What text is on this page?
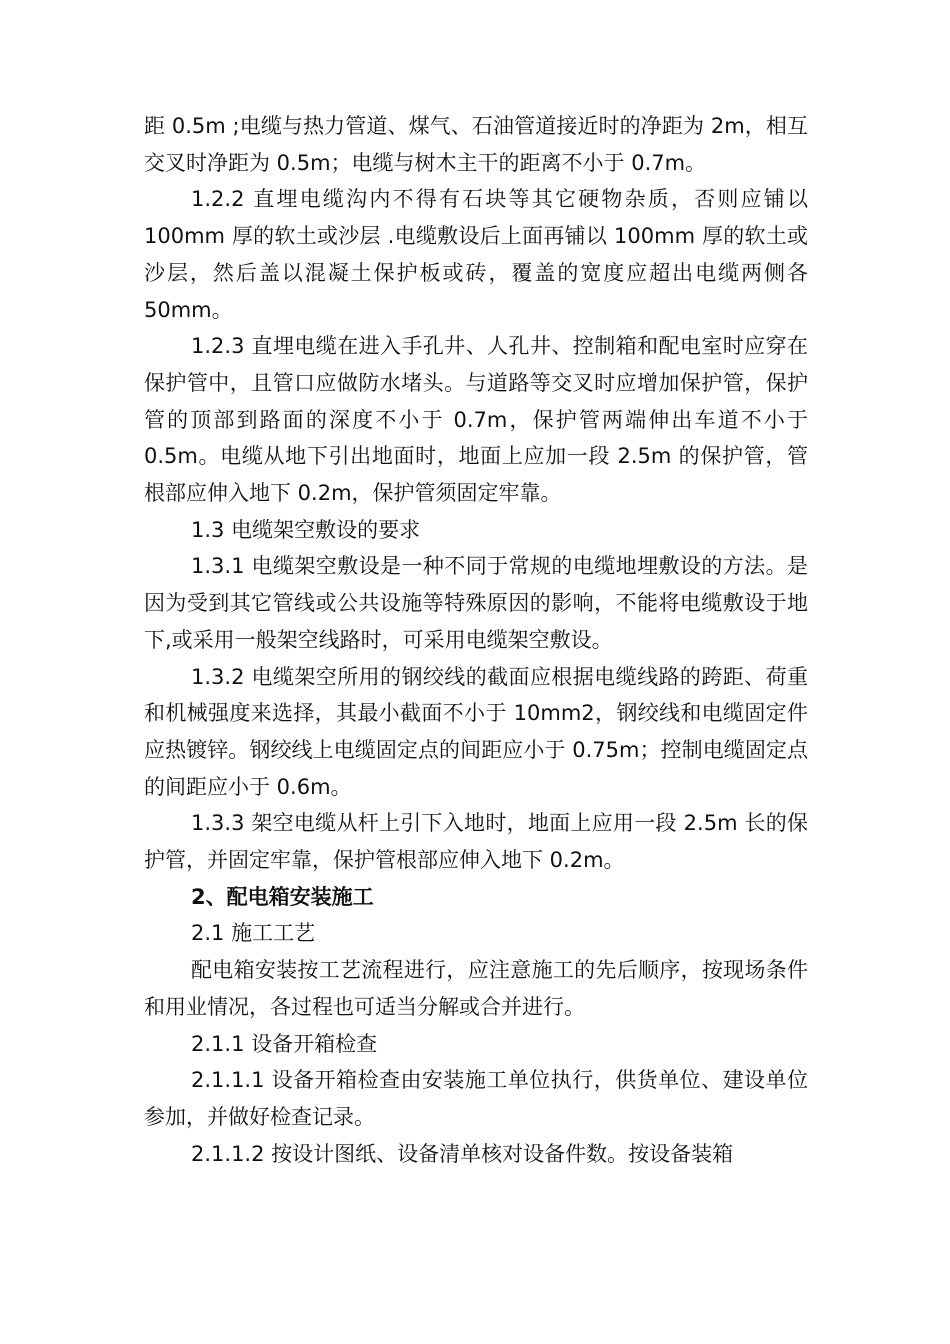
距 0.5m ;电缆与热力管道、煤气、石油管道接近时的净距为 2m，相互交叉时净距为 0.5m；电缆与树木主干的距离不小于 0.7m。

1.2.2 直埋电缆沟内不得有石块等其它硬物杂质，否则应铺以 100mm 厚的软土或沙层 .电缆敷设后上面再铺以 100mm 厚的软土或沙层，然后盖以混凝土保护板或砖，覆盖的宽度应超出电缆两侧各 50mm。

1.2.3 直埋电缆在进入手孔井、人孔井、控制箱和配电室时应穿在保护管中，且管口应做防水堵头。与道路等交叉时应增加保护管，保护管的顶部到路面的深度不小于 0.7m，保护管两端伸出车道不小于 0.5m。电缆从地下引出地面时，地面上应加一段 2.5m 的保护管，管根部应伸入地下 0.2m，保护管须固定牢靠。

1.3 电缆架空敷设的要求

1.3.1 电缆架空敷设是一种不同于常规的电缆地埋敷设的方法。是因为受到其它管线或公共设施等特殊原因的影响，不能将电缆敷设于地下,或采用一般架空线路时，可采用电缆架空敷设。

1.3.2 电缆架空所用的钢绞线的截面应根据电缆线路的跨距、荷重和机械强度来选择，其最小截面不小于 10mm2，钢绞线和电缆固定件应热镀锌。钢绞线上电缆固定点的间距应小于 0.75m；控制电缆固定点的间距应小于 0.6m。

1.3.3 架空电缆从杆上引下入地时，地面上应用一段 2.5m 长的保护管，并固定牢靠，保护管根部应伸入地下 0.2m。

2、配电箱安装施工

2.1 施工工艺

配电箱安装按工艺流程进行，应注意施工的先后顺序，按现场条件和用业情况，各过程也可适当分解或合并进行。

2.1.1 设备开箱检查

2.1.1.1 设备开箱检查由安装施工单位执行，供货单位、建设单位参加，并做好检查记录。

2.1.1.2 按设计图纸、设备清单核对设备件数。按设备装箱
